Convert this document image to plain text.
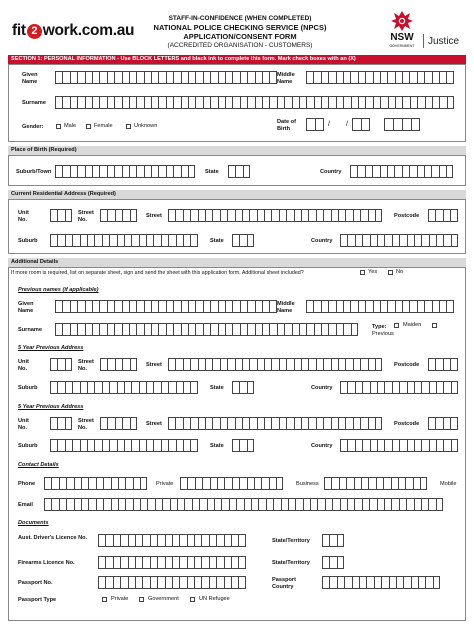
fit 2 work.com.au
STAFF-IN-CONFIDENCE (WHEN COMPLETED)
NATIONAL POLICE CHECKING SERVICE (NPCS)
APPLICATION/CONSENT FORM
(ACCREDITED ORGANISATION - CUSTOMERS)
NSW
GOVERNMENT	Justice
SECTION 1: PERSONAL INFORMATION - Use BLOCK LETTERS and black ink to complete this form. Mark check boxes with an (X)
Given Name
Middle Name
Surname
Gender:	Male	Female	Unknown
Date of Birth
/ /
Place of Birth (Required)
Suburb/Town	State	Country
Current Residential Address (Required)
Unit No.
Street No.
Street	Postcode
Suburb	State	Country
Additional Details
If more room is required, list on separate sheet, sign and send the sheet with this application form. Additional sheet included?	Yes	No
Previous names (if applicable)
Given Name
Middle Name
Surname	Type:	Maiden
Previous
5 Year Previous Address
Unit No.
Street No.
Street	Postcode
Suburb	State	Country
5 Year Previous Address
Unit No.
Street No.
Street	Postcode
Suburb	State	Country
Contact Details
Phone	Private	Business	Mobile
Email
Documents
Aust. Driver's Licence No.	State/Territory
Firearms Licence No.	State/Territory
Passport No.	Passport Country
Passport Type	Private	Government	UN Refugee
